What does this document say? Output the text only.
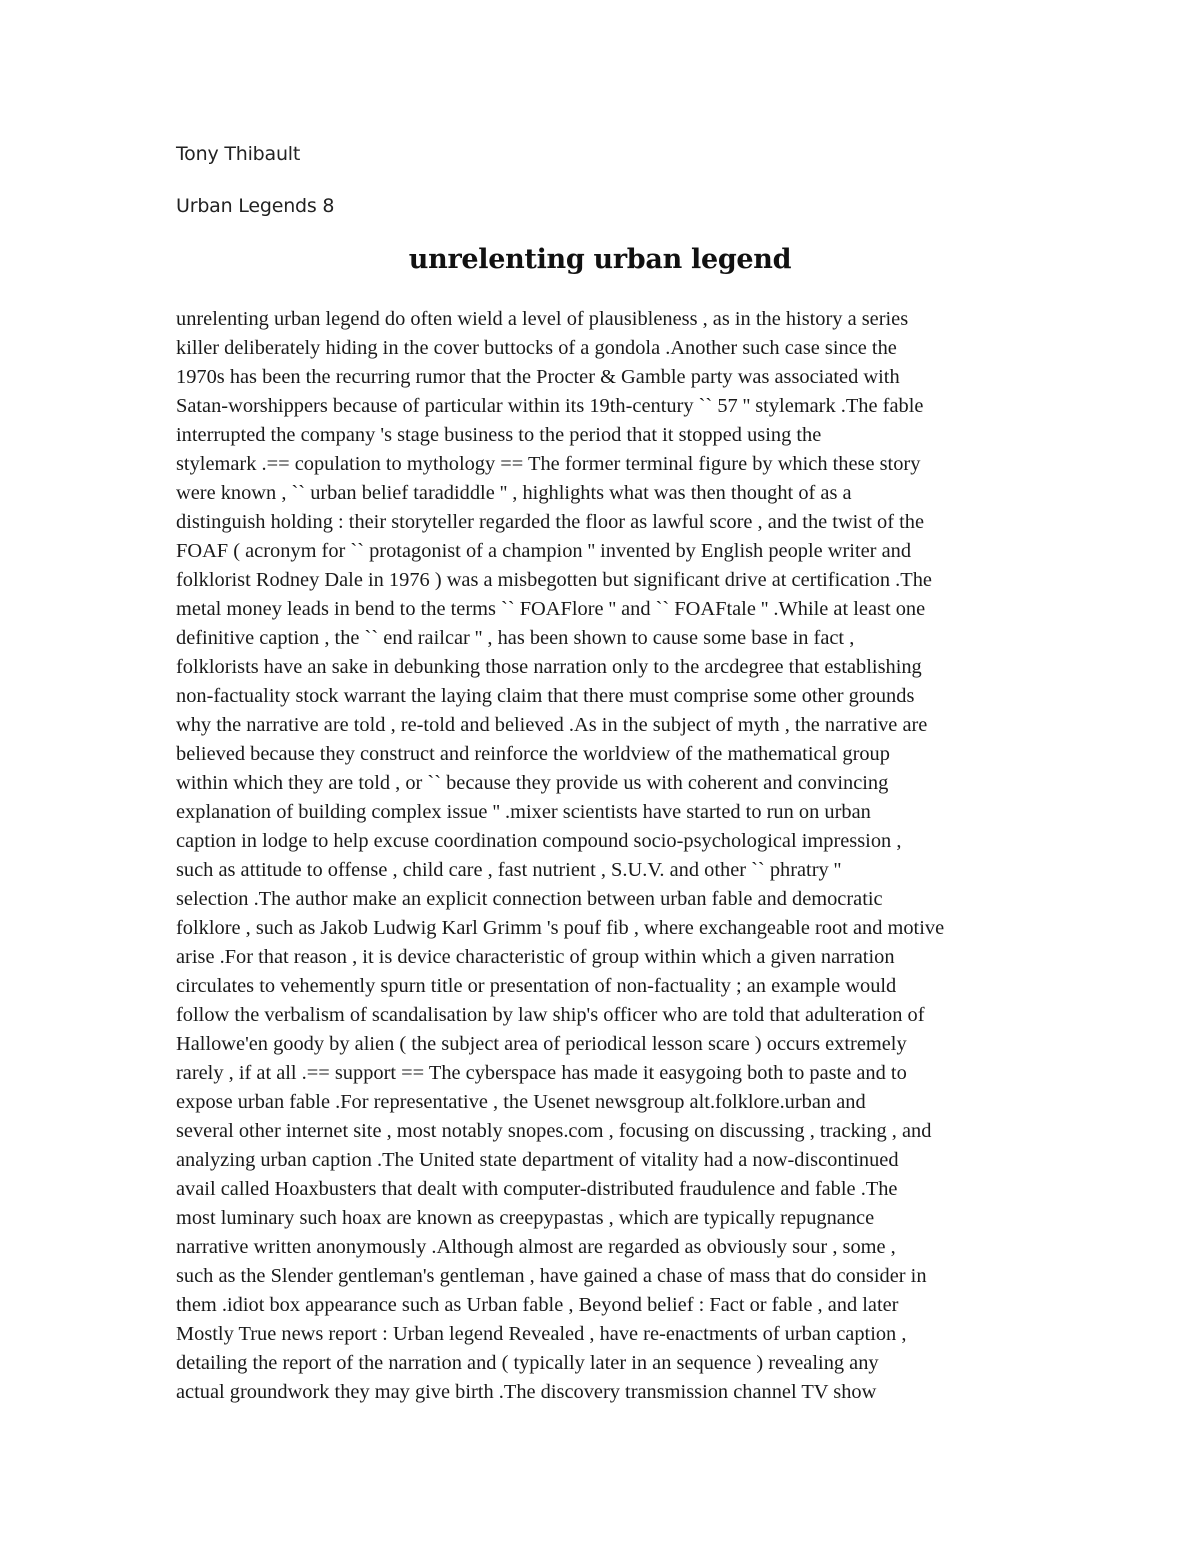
Tony Thibault
Urban Legends 8
unrelenting urban legend
unrelenting urban legend do often wield a level of plausibleness , as in the history a series
killer deliberately hiding in the cover buttocks of a gondola .Another such case since the
1970s has been the recurring rumor that the Procter & Gamble party was associated with
Satan-worshippers because of particular within its 19th-century `` 57 '' stylemark .The fable
interrupted the company 's stage business to the period that it stopped using the
stylemark .== copulation to mythology == The former terminal figure by which these story
were known , `` urban belief taradiddle '' , highlights what was then thought of as a
distinguish holding : their storyteller regarded the floor as lawful score , and the twist of the
FOAF ( acronym for `` protagonist of a champion '' invented by English people writer and
folklorist Rodney Dale in 1976 ) was a misbegotten but significant drive at certification .The
metal money leads in bend to the terms `` FOAFlore '' and `` FOAFtale '' .While at least one
definitive caption , the `` end railcar '' , has been shown to cause some base in fact ,
folklorists have an sake in debunking those narration only to the arcdegree that establishing
non-factuality stock warrant the laying claim that there must comprise some other grounds
why the narrative are told , re-told and believed .As in the subject of myth , the narrative are
believed because they construct and reinforce the worldview of the mathematical group
within which they are told , or `` because they provide us with coherent and convincing
explanation of building complex issue '' .mixer scientists have started to run on urban
caption in lodge to help excuse coordination compound socio-psychological impression ,
such as attitude to offense , child care , fast nutrient , S.U.V. and other `` phratry ''
selection .The author make an explicit connection between urban fable and democratic
folklore , such as Jakob Ludwig Karl Grimm 's pouf fib , where exchangeable root and motive
arise .For that reason , it is device characteristic of group within which a given narration
circulates to vehemently spurn title or presentation of non-factuality ; an example would
follow the verbalism of scandalisation by law ship's officer who are told that adulteration of
Hallowe'en goody by alien ( the subject area of periodical lesson scare ) occurs extremely
rarely , if at all .== support == The cyberspace has made it easygoing both to paste and to
expose urban fable .For representative , the Usenet newsgroup alt.folklore.urban and
several other internet site , most notably snopes.com , focusing on discussing , tracking , and
analyzing urban caption .The United state department of vitality had a now-discontinued
avail called Hoaxbusters that dealt with computer-distributed fraudulence and fable .The
most luminary such hoax are known as creepypastas , which are typically repugnance
narrative written anonymously .Although almost are regarded as obviously sour , some ,
such as the Slender gentleman's gentleman , have gained a chase of mass that do consider in
them .idiot box appearance such as Urban fable , Beyond belief : Fact or fable , and later
Mostly True news report : Urban legend Revealed , have re-enactments of urban caption ,
detailing the report of the narration and ( typically later in an sequence ) revealing any
actual groundwork they may give birth .The discovery transmission channel TV show
